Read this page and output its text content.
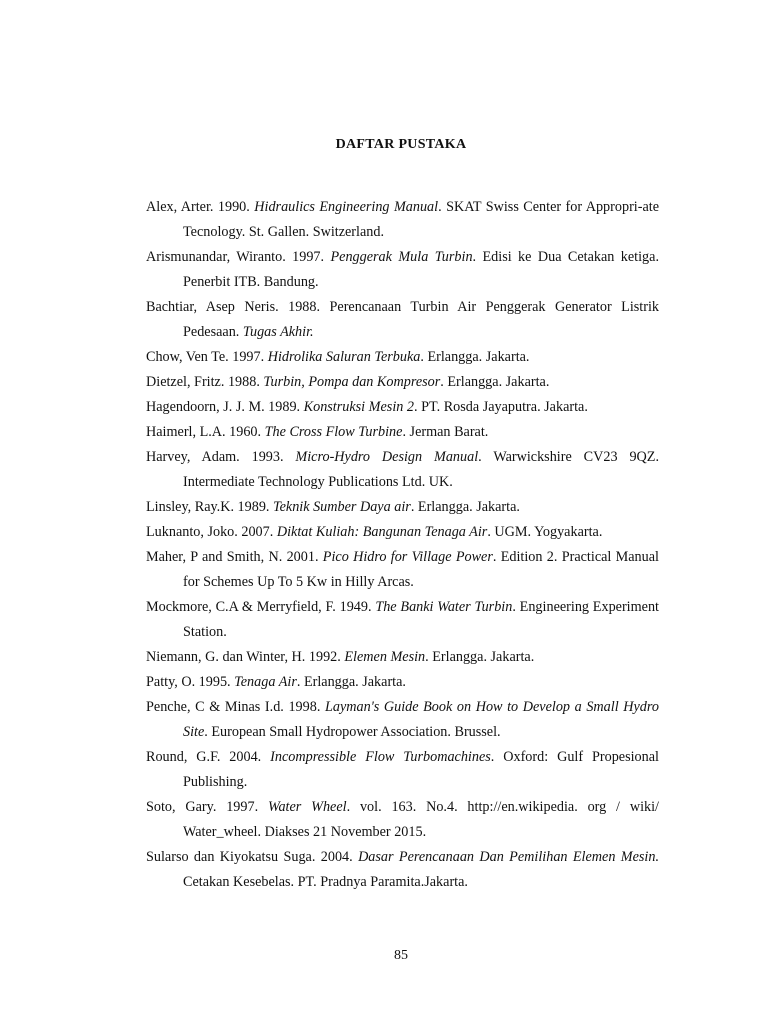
DAFTAR PUSTAKA
Alex, Arter. 1990. Hidraulics Engineering Manual. SKAT Swiss Center for Appropri-ate Tecnology. St. Gallen. Switzerland.
Arismunandar, Wiranto. 1997. Penggerak Mula Turbin. Edisi ke Dua Cetakan ketiga. Penerbit ITB. Bandung.
Bachtiar, Asep Neris. 1988. Perencanaan Turbin Air Penggerak Generator Listrik Pedesaan. Tugas Akhir.
Chow, Ven Te. 1997. Hidrolika Saluran Terbuka. Erlangga. Jakarta.
Dietzel, Fritz. 1988. Turbin, Pompa dan Kompresor. Erlangga. Jakarta.
Hagendoorn, J. J. M. 1989. Konstruksi Mesin 2. PT. Rosda Jayaputra. Jakarta.
Haimerl, L.A. 1960. The Cross Flow Turbine. Jerman Barat.
Harvey, Adam. 1993. Micro-Hydro Design Manual. Warwickshire CV23 9QZ. Intermediate Technology Publications Ltd. UK.
Linsley, Ray.K. 1989. Teknik Sumber Daya air. Erlangga. Jakarta.
Luknanto, Joko. 2007. Diktat Kuliah: Bangunan Tenaga Air. UGM. Yogyakarta.
Maher, P and Smith, N. 2001. Pico Hidro for Village Power. Edition 2. Practical Manual for Schemes Up To 5 Kw in Hilly Arcas.
Mockmore, C.A & Merryfield, F. 1949. The Banki Water Turbin. Engineering Experiment Station.
Niemann, G. dan Winter, H. 1992. Elemen Mesin. Erlangga. Jakarta.
Patty, O. 1995. Tenaga Air. Erlangga. Jakarta.
Penche, C & Minas I.d. 1998. Layman's Guide Book on How to Develop a Small Hydro Site. European Small Hydropower Association. Brussel.
Round, G.F. 2004. Incompressible Flow Turbomachines. Oxford: Gulf Propesional Publishing.
Soto, Gary. 1997. Water Wheel. vol. 163. No.4. http://en.wikipedia. org / wiki/ Water_wheel. Diakses 21 November 2015.
Sularso dan Kiyokatsu Suga. 2004. Dasar Perencanaan Dan Pemilihan Elemen Mesin. Cetakan Kesebelas. PT. Pradnya Paramita.Jakarta.
85
